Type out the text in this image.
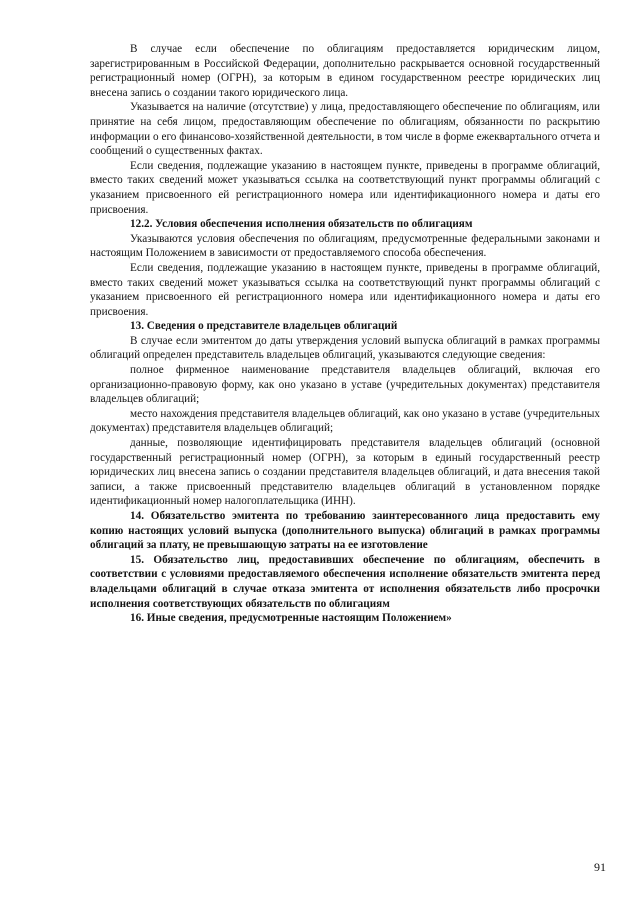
В случае если обеспечение по облигациям предоставляется юридическим лицом, зарегистрированным в Российской Федерации, дополнительно раскрывается основной государственный регистрационный номер (ОГРН), за которым в едином государственном реестре юридических лиц внесена запись о создании такого юридического лица.

Указывается на наличие (отсутствие) у лица, предоставляющего обеспечение по облигациям, или принятие на себя лицом, предоставляющим обеспечение по облигациям, обязанности по раскрытию информации о его финансово-хозяйственной деятельности, в том числе в форме ежеквартального отчета и сообщений о существенных фактах.

Если сведения, подлежащие указанию в настоящем пункте, приведены в программе облигаций, вместо таких сведений может указываться ссылка на соответствующий пункт программы облигаций с указанием присвоенного ей регистрационного номера или идентификационного номера и даты его присвоения.

12.2. Условия обеспечения исполнения обязательств по облигациям

Указываются условия обеспечения по облигациям, предусмотренные федеральными законами и настоящим Положением в зависимости от предоставляемого способа обеспечения.

Если сведения, подлежащие указанию в настоящем пункте, приведены в программе облигаций, вместо таких сведений может указываться ссылка на соответствующий пункт программы облигаций с указанием присвоенного ей регистрационного номера или идентификационного номера и даты его присвоения.

13. Сведения о представителе владельцев облигаций

В случае если эмитентом до даты утверждения условий выпуска облигаций в рамках программы облигаций определен представитель владельцев облигаций, указываются следующие сведения:

полное фирменное наименование представителя владельцев облигаций, включая его организационно-правовую форму, как оно указано в уставе (учредительных документах) представителя владельцев облигаций;

место нахождения представителя владельцев облигаций, как оно указано в уставе (учредительных документах) представителя владельцев облигаций;

данные, позволяющие идентифицировать представителя владельцев облигаций (основной государственный регистрационный номер (ОГРН), за которым в единый государственный реестр юридических лиц внесена запись о создании представителя владельцев облигаций, и дата внесения такой записи, а также присвоенный представителю владельцев облигаций в установленном порядке идентификационный номер налогоплательщика (ИНН).

14. Обязательство эмитента по требованию заинтересованного лица предоставить ему копию настоящих условий выпуска (дополнительного выпуска) облигаций в рамках программы облигаций за плату, не превышающую затраты на ее изготовление

15. Обязательство лиц, предоставивших обеспечение по облигациям, обеспечить в соответствии с условиями предоставляемого обеспечения исполнение обязательств эмитента перед владельцами облигаций в случае отказа эмитента от исполнения обязательств либо просрочки исполнения соответствующих обязательств по облигациям

16. Иные сведения, предусмотренные настоящим Положением»

91
